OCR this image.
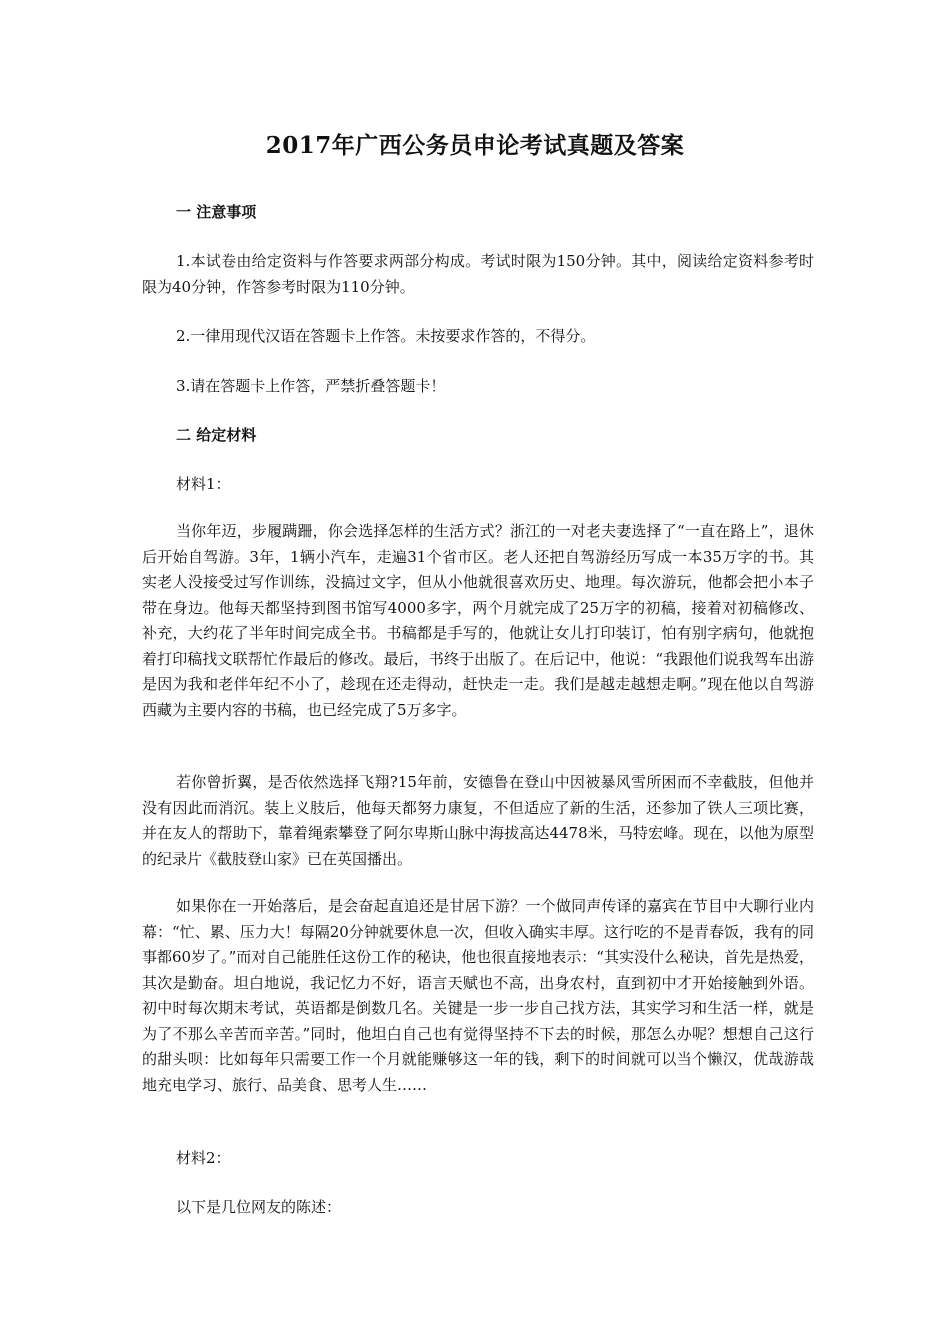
2017年广西公务员申论考试真题及答案
一 注意事项

1.本试卷由给定资料与作答要求两部分构成。考试时限为150分钟。其中，阅读给定资料参考时限为40分钟，作答参考时限为110分钟。

2.一律用现代汉语在答题卡上作答。未按要求作答的，不得分。

3.请在答题卡上作答，严禁折叠答题卡！

二 给定材料

材料1：

当你年迈，步履蹒跚，你会选择怎样的生活方式？浙江的一对老夫妻选择了“一直在路上”，退休后开始自驾游。3年，1辆小汽车，走遍31个省市区。老人还把自驾游经历写成一本35万字的书。其实老人没接受过写作训练，没搞过文字，但从小他就很喜欢历史、地理。每次游玩，他都会把小本子带在身边。他每天都坚持到图书馆写4000多字，两个月就完成了25万字的初稿，接着对初稿修改、补充，大约花了半年时间完成全书。书稿都是手写的，他就让女儿打印装订，怕有别字病句，他就抱着打印稿找文联帮忙作最后的修改。最后，书终于出版了。在后记中，他说：“我跟他们说我驾车出游是因为我和老伴年纪不小了，趁现在还走得动，赶快走一走。我们是越走越想走啊。”现在他以自驾游西藏为主要内容的书稿，也已经完成了5万多字。

若你曾折翼，是否依然选择飞翔?15年前，安德鲁在登山中因被暴风雪所困而不幸截肢，但他并没有因此而消沉。装上义肢后，他每天都努力康复，不但适应了新的生活，还参加了铁人三项比赛，并在友人的帮助下，靠着绳索攀登了阿尔卑斯山脉中海拔高达4478米，马特宏峰。现在，以他为原型的纪录片《截肢登山家》已在英国播出。

如果你在一开始落后，是会奋起直追还是甘居下游？一个做同声传译的嘉宾在节目中大聊行业内幕：“忙、累、压力大！每隔20分钟就要休息一次，但收入确实丰厚。这行吃的不是青春饭，我有的同事都60岁了。”而对自己能胜任这份工作的秘诀，他也很直接地表示：“其实没什么秘诀，首先是热爱，其次是勤奋。坦白地说，我记忆力不好，语言天赋也不高，出身农村，直到初中才开始接触到外语。初中时每次期末考试，英语都是倒数几名。关键是一步一步自己找方法，其实学习和生活一样，就是为了不那么辛苦而辛苦。”同时，他坦白自己也有觉得坚持不下去的时候，那怎么办呢？想想自己这行的甜头呗：比如每年只需要工作一个月就能赚够这一年的钱，剩下的时间就可以当个懒汉，优哉游哉地充电学习、旅行、品美食、思考人生……

材料2：

以下是几位网友的陈述：
